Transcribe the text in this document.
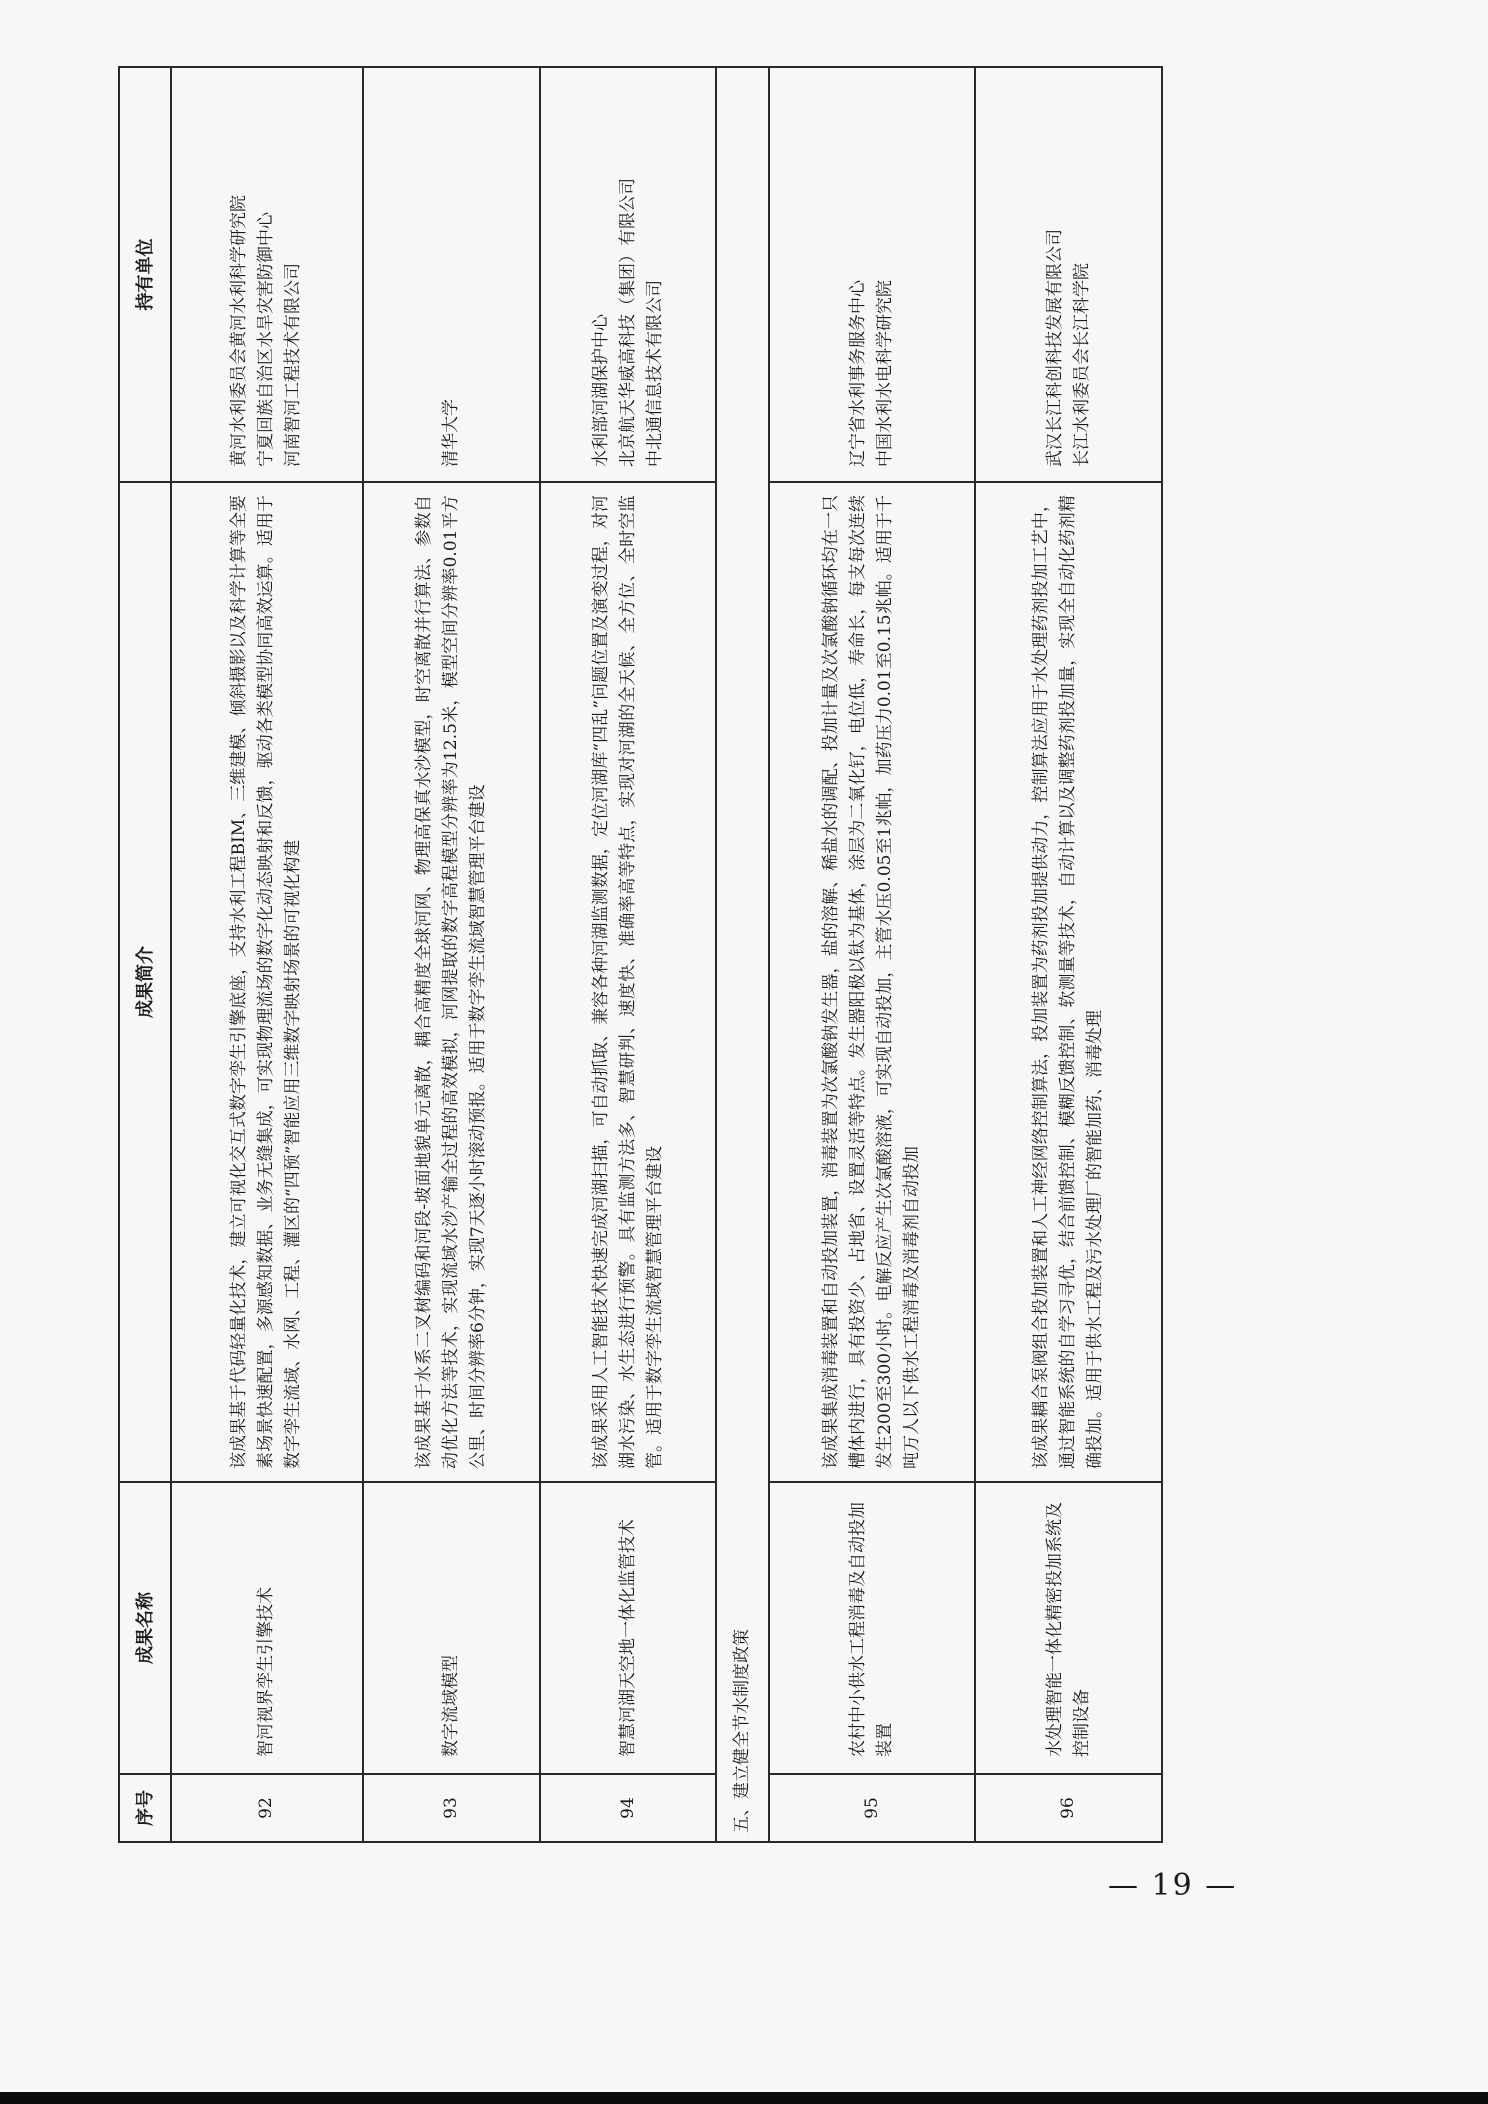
序号	成果名称	成果简介	持有单位
92	智河视界孪生引擎技术	该成果基于代码轻量化技术，建立可视化交互式数字孪生引擎底座，支持水利工程BIM、三维建模、倾斜摄影以及科学计算等全要素场景快速配置，多源感知数据、业务无缝集成，可实现物理流场的数字化动态映射和反馈，驱动各类模型协同高效运算。适用于数字孪生流域、水网、工程、灌区的“四预”智能应用三维数字映射场景的可视化构建	黄河水利委员会黄河水利科学研究院 宁夏回族自治区水旱灾害防御中心 河南智河工程技术有限公司

93	数字流域模型	该成果基于水系二叉树编码和河段-坡面地貌单元离散，耦合高精度全球河网、物理高保真水沙模型，时空离散并行算法、参数自动优化方法等技术，实现流域水沙产输全过程的高效模拟，河网提取的数字高程模型分辨率为12.5米，模型空间分辨率0.01平方公里、时间分辨率6分钟，实现7天逐小时滚动预报。适用于数字孪生流域智慧管理平台建设	清华大学

94	智慧河湖天空地一体化监管技术	该成果采用人工智能技术快速完成河湖扫描，可自动抓取、兼容各种河湖监测数据，定位河湖库“四乱”问题位置及演变过程，对河湖水污染、水生态进行预警。具有监测方法多、智慧研判、速度快、准确率高等特点，实现对河湖的全天候、全方位、全时空监管。适用于数字孪生流域智慧管理平台建设	水利部河湖保护中心 北京航天华威高科技（集团）有限公司 中北通信息技术有限公司

五、建立健全节水制度政策			
95	农村中小供水工程消毒及自动投加装置	该成果集成消毒装置和自动投加装置，消毒装置为次氯酸钠发生器，盐的溶解、稀盐水的调配、投加计量及次氯酸钠循环均在一只槽体内进行，具有投资少、占地省、设置灵活等特点。发生器阳极以钛为基体，涂层为二氧化钌，电位低，寿命长，每支每次连续发生200至300小时。电解反应产生次氯酸溶液，可实现自动投加，主管水压0.05至1兆帕，加药压力0.01至0.15兆帕。适用于千吨万人以下供水工程消毒及消毒剂自动投加	辽宁省水利事务服务中心 中国水利水电科学研究院

96	水处理智能一体化精密投加系统及控制设备	该成果耦合泵阀组合投加装置和人工神经网络控制算法，投加装置为药剂投加提供动力，控制算法应用于水处理药剂投加工艺中，通过智能系统的自学习寻优，结合前馈控制、模糊反馈控制、软测量等技术，自动计算以及调整药剂投加量，实现全自动化药剂精确投加。适用于供水工程及污水处理厂的智能加药、消毒处理	武汉长江科创科技发展有限公司 长江水利委员会长江科学院
— 19 —
